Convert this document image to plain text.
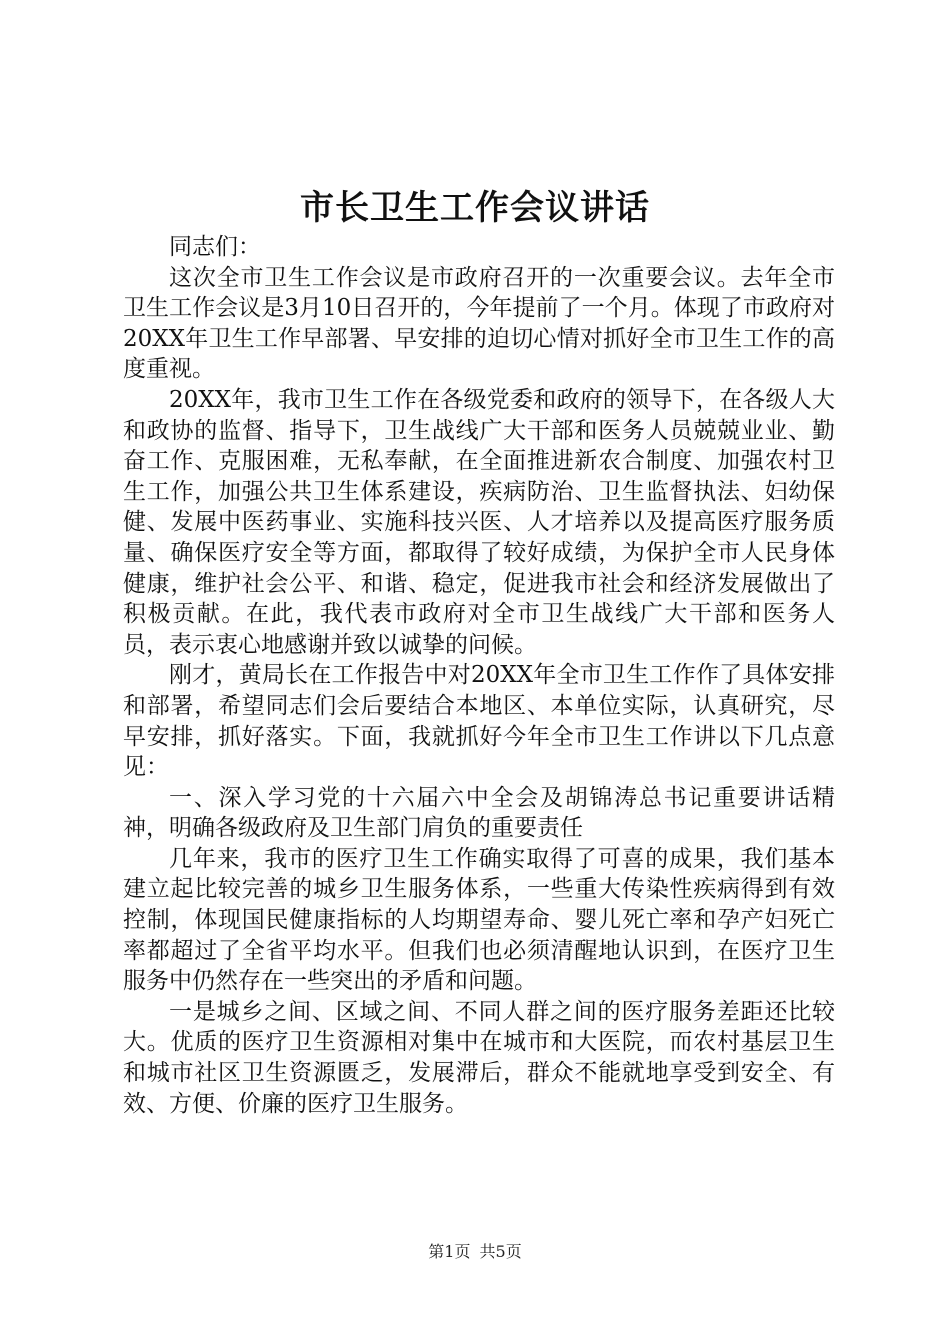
市长卫生工作会议讲话

同志们：

这次全市卫生工作会议是市政府召开的一次重要会议。去年全市卫生工作会议是3月10日召开的，今年提前了一个月。体现了市政府对20XX年卫生工作早部署、早安排的迫切心情对抓好全市卫生工作的高度重视。

20XX年，我市卫生工作在各级党委和政府的领导下，在各级人大和政协的监督、指导下，卫生战线广大干部和医务人员兢兢业业、勤奋工作、克服困难，无私奉献，在全面推进新农合制度、加强农村卫生工作，加强公共卫生体系建设，疾病防治、卫生监督执法、妇幼保健、发展中医药事业、实施科技兴医、人才培养以及提高医疗服务质量、确保医疗安全等方面，都取得了较好成绩，为保护全市人民身体健康，维护社会公平、和谐、稳定，促进我市社会和经济发展做出了积极贡献。在此，我代表市政府对全市卫生战线广大干部和医务人员，表示衷心地感谢并致以诚挚的问候。

刚才，黄局长在工作报告中对20XX年全市卫生工作作了具体安排和部署，希望同志们会后要结合本地区、本单位实际，认真研究，尽早安排，抓好落实。下面，我就抓好今年全市卫生工作讲以下几点意见：

一、深入学习党的十六届六中全会及胡锦涛总书记重要讲话精神，明确各级政府及卫生部门肩负的重要责任

几年来，我市的医疗卫生工作确实取得了可喜的成果，我们基本建立起比较完善的城乡卫生服务体系，一些重大传染性疾病得到有效控制，体现国民健康指标的人均期望寿命、婴儿死亡率和孕产妇死亡率都超过了全省平均水平。但我们也必须清醒地认识到，在医疗卫生服务中仍然存在一些突出的矛盾和问题。

一是城乡之间、区域之间、不同人群之间的医疗服务差距还比较大。优质的医疗卫生资源相对集中在城市和大医院，而农村基层卫生和城市社区卫生资源匮乏，发展滞后，群众不能就地享受到安全、有效、方便、价廉的医疗卫生服务。

第1页 共5页
